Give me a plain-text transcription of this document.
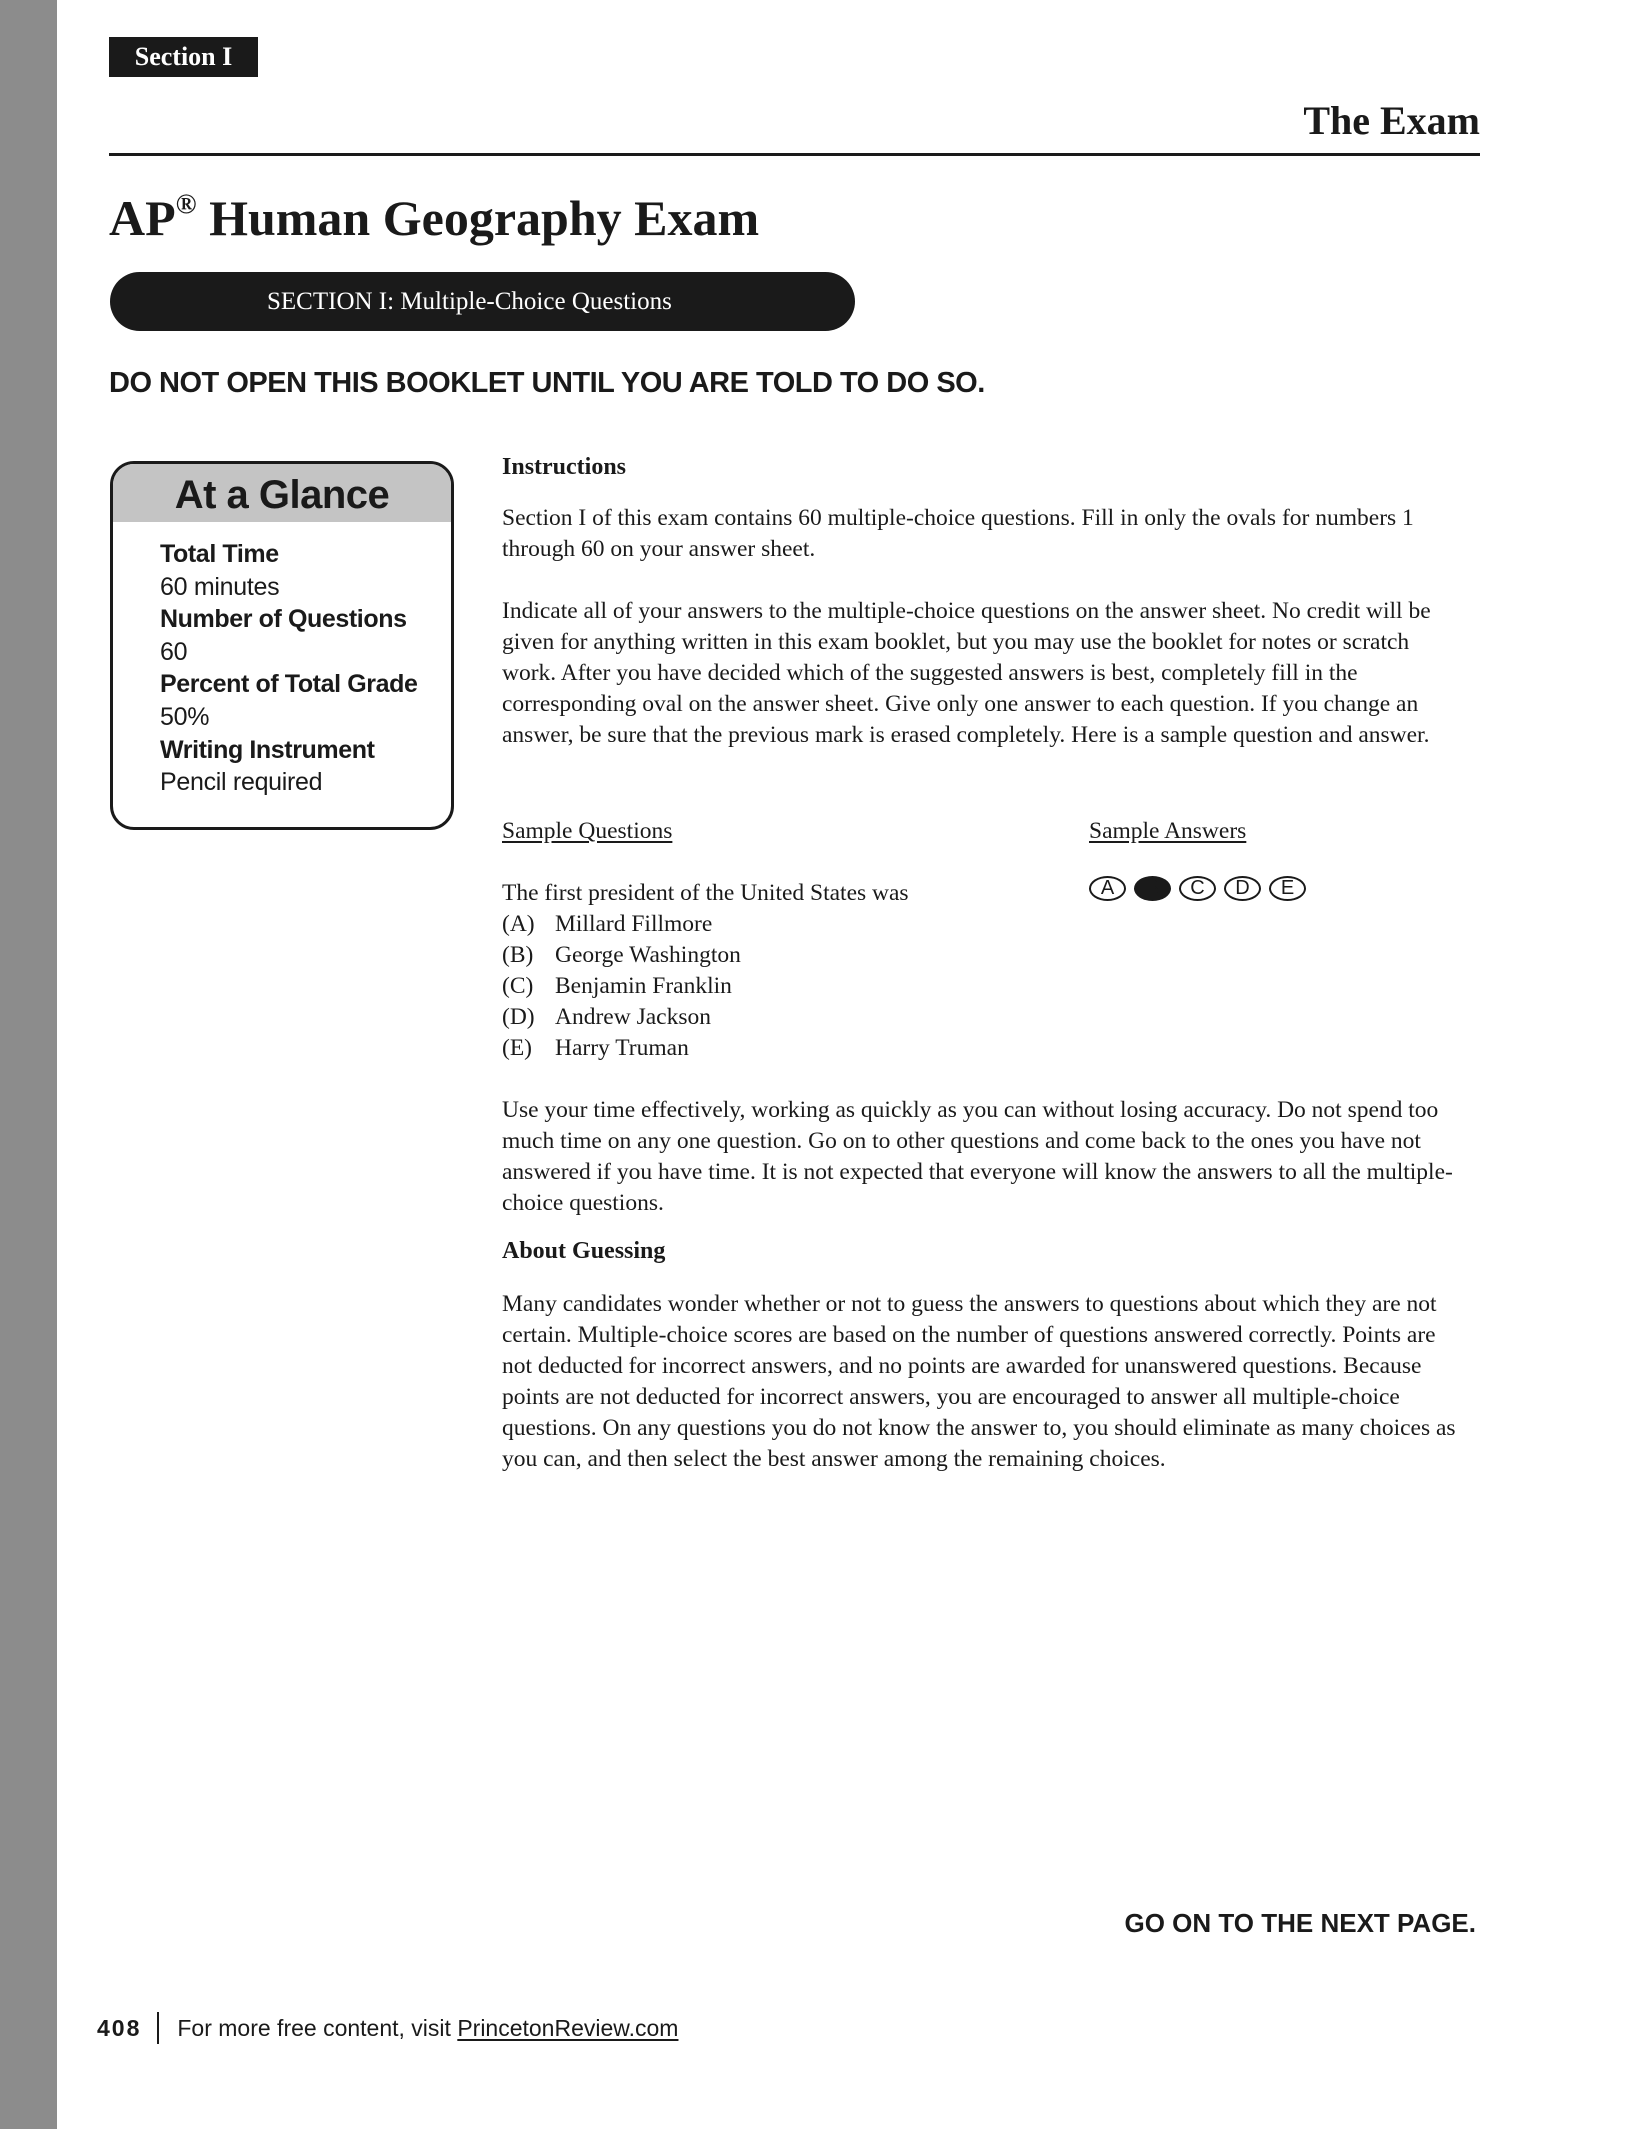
Section I
The Exam
AP® Human Geography Exam
SECTION I: Multiple-Choice Questions
DO NOT OPEN THIS BOOKLET UNTIL YOU ARE TOLD TO DO SO.
At a Glance
Total Time
60 minutes
Number of Questions
60
Percent of Total Grade
50%
Writing Instrument
Pencil required
Instructions
Section I of this exam contains 60 multiple-choice questions. Fill in only the ovals for numbers 1 through 60 on your answer sheet.
Indicate all of your answers to the multiple-choice questions on the answer sheet. No credit will be given for anything written in this exam booklet, but you may use the booklet for notes or scratch work. After you have decided which of the suggested answers is best, completely fill in the corresponding oval on the answer sheet. Give only one answer to each question. If you change an answer, be sure that the previous mark is erased completely. Here is a sample question and answer.
Sample Questions	Sample Answers
The first president of the United States was
(A) Millard Fillmore
(B) George Washington
(C) Benjamin Franklin
(D) Andrew Jackson
(E) Harry Truman
A	B	C	D	E
Use your time effectively, working as quickly as you can without losing accuracy. Do not spend too much time on any one question. Go on to other questions and come back to the ones you have not answered if you have time. It is not expected that everyone will know the answers to all the multiple-choice questions.
About Guessing
Many candidates wonder whether or not to guess the answers to questions about which they are not certain. Multiple-choice scores are based on the number of questions answered correctly. Points are not deducted for incorrect answers, and no points are awarded for unanswered questions. Because points are not deducted for incorrect answers, you are encouraged to answer all multiple-choice questions. On any questions you do not know the answer to, you should eliminate as many choices as you can, and then select the best answer among the remaining choices.
GO ON TO THE NEXT PAGE.
408	For more free content, visit
PrincetonReview.com
